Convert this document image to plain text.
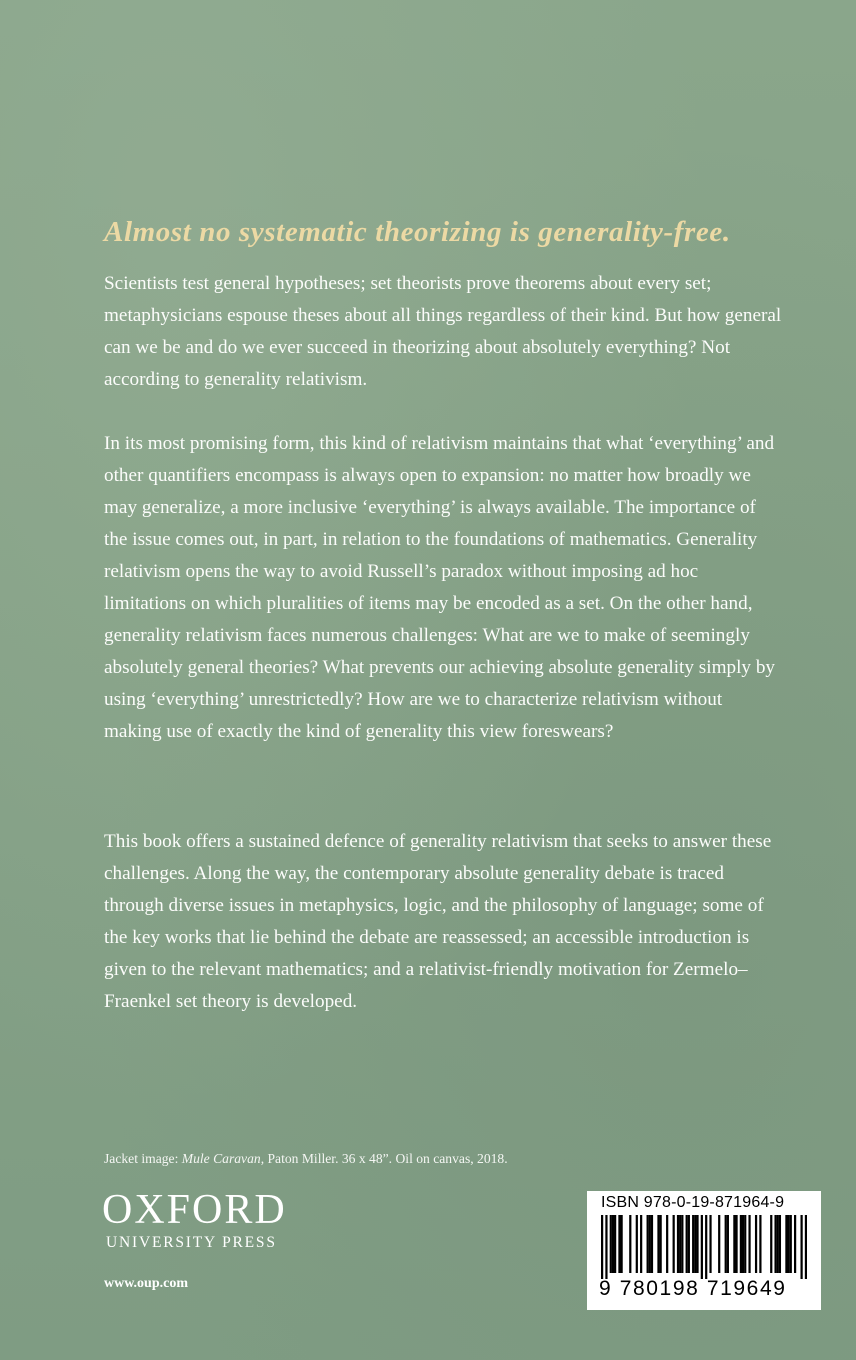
Almost no systematic theorizing is generality-free.

Scientists test general hypotheses; set theorists prove theorems about every set; metaphysicians espouse theses about all things regardless of their kind. But how general can we be and do we ever succeed in theorizing about absolutely everything? Not according to generality relativism.

In its most promising form, this kind of relativism maintains that what ‘everything’ and other quantifiers encompass is always open to expansion: no matter how broadly we may generalize, a more inclusive ‘everything’ is always available. The importance of the issue comes out, in part, in relation to the foundations of mathematics. Generality relativism opens the way to avoid Russell’s paradox without imposing ad hoc limitations on which pluralities of items may be encoded as a set. On the other hand, generality relativism faces numerous challenges: What are we to make of seemingly absolutely general theories? What prevents our achieving absolute generality simply by using ‘everything’ unrestrictedly? How are we to characterize relativism without making use of exactly the kind of generality this view foreswears?

This book offers a sustained defence of generality relativism that seeks to answer these challenges. Along the way, the contemporary absolute generality debate is traced through diverse issues in metaphysics, logic, and the philosophy of language; some of the key works that lie behind the debate are reassessed; an accessible introduction is given to the relevant mathematics; and a relativist-friendly motivation for Zermelo–Fraenkel set theory is developed.

Jacket image: Mule Caravan, Paton Miller. 36 x 48”. Oil on canvas, 2018.

OXFORD

UNIVERSITY PRESS

www.oup.com

ISBN 978-0-19-871964-9

9 780198 719649
